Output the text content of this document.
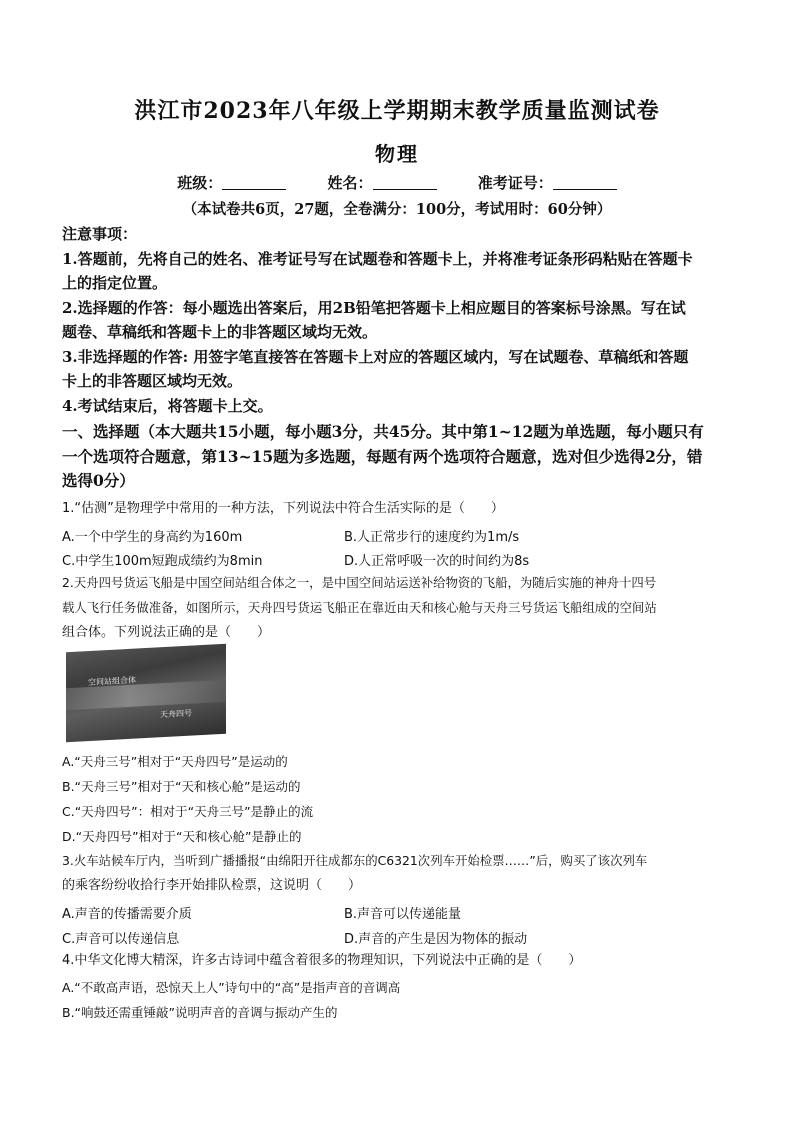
洪江市2023年八年级上学期期末教学质量监测试卷
物理
班级：	姓名：	准考证号：
（本试卷共6页，27题，全卷满分：100分，考试用时：60分钟）
注意事项：
1.答题前，先将自己的姓名、准考证号写在试题卷和答题卡上，并将准考证条形码粘贴在答题卡
上的指定位置。
2.选择题的作答：每小题选出答案后，用2B铅笔把答题卡上相应题目的答案标号涂黑。写在试
题卷、草稿纸和答题卡上的非答题区域均无效。
3.非选择题的作答: 用签字笔直接答在答题卡上对应的答题区域内，写在试题卷、草稿纸和答题
卡上的非答题区域均无效。
4.考试结束后，将答题卡上交。
一、选择题（本大题共15小题，每小题3分，共45分。其中第1~12题为单选题，每小题只有
一个选项符合题意，第13~15题为多选题，每题有两个选项符合题意，选对但少选得2分，错
选得0分）
1.“估测”是物理学中常用的一种方法，下列说法中符合生活实际的是（　　）
A.一个中学生的身高约为160m	B.人正常步行的速度约为1m/s
C.中学生100m短跑成绩约为8min	D.人正常呼吸一次的时间约为8s
2.天舟四号货运飞船是中国空间站组合体之一，是中国空间站运送补给物资的飞船，为随后实施的神舟十四号
载人飞行任务做准备，如图所示，天舟四号货运飞船正在靠近由天和核心舱与天舟三号货运飞船组成的空间站
组合体。下列说法正确的是（　　）
空间站组合体
天舟四号
A.“天舟三号”相对于“天舟四号”是运动的
B.“天舟三号”相对于“天和核心舱”是运动的
C.“天舟四号”：相对于“天舟三号”是静止的流
D.“天舟四号”相对于“天和核心舱”是静止的
3.火车站候车厅内，当听到广播播报“由绵阳开往成都东的C6321次列车开始检票……”后，购买了该次列车
的乘客纷纷收拾行李开始排队检票，这说明（　　）
A.声音的传播需要介质	B.声音可以传递能量
C.声音可以传递信息	D.声音的产生是因为物体的振动
4.中华文化博大精深，许多古诗词中蕴含着很多的物理知识，下列说法中正确的是（　　）
A.“不敢高声语，恐惊天上人”诗句中的“高”是指声音的音调高
B.“响鼓还需重锤敲”说明声音的音调与振动产生的
